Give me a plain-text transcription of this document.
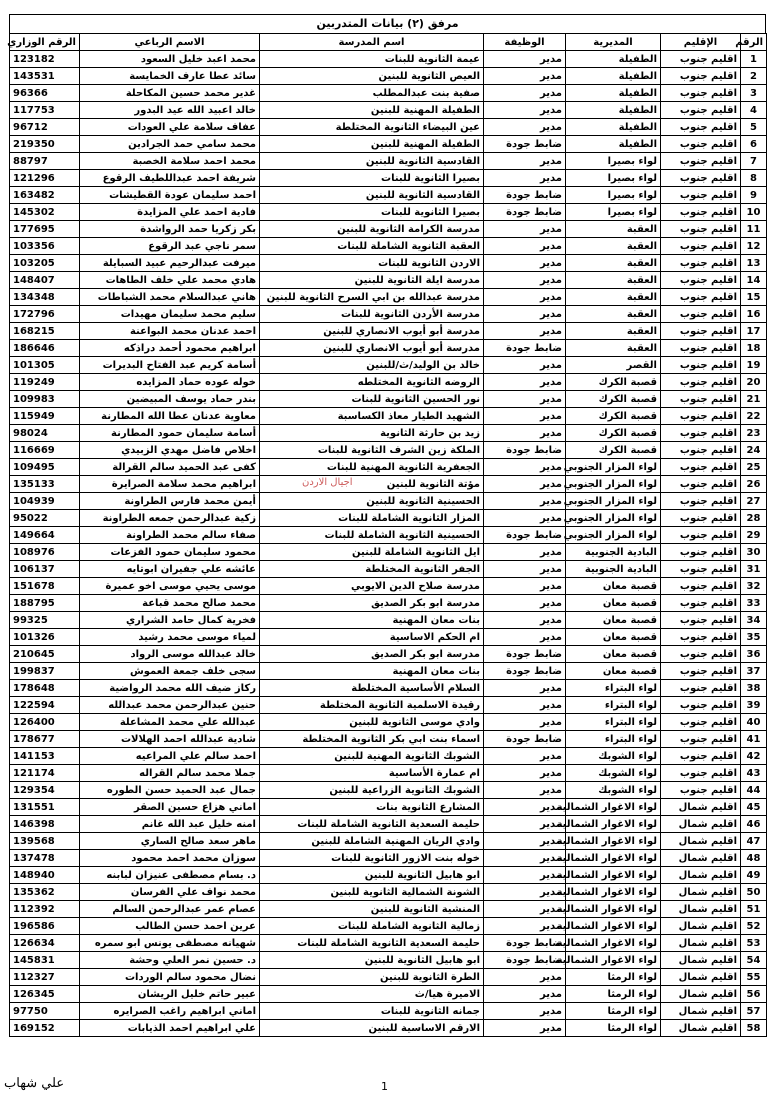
مرفق (٢) بيانات المتدربين
الرقم	الإقليم	المديرية	الوظيفة	اسم المدرسة	الاسم الرباعي	الرقم الوزاري
1	اقليم جنوب	الطفيلة	مدير	عيمة الثانوية للبنات	محمد اعبد خليل السعود	123182
2	اقليم جنوب	الطفيلة	مدير	العيص الثانوية للبنين	سائد عطا عارف الخمايسة	143531
3	اقليم جنوب	الطفيلة	مدير	صفية بنت عبدالمطلب	غدير محمد حسين المكاحلة	96366
4	اقليم جنوب	الطفيلة	مدير	الطفيلة المهنية للبنين	خالد اعبيد الله عيد البدور	117753
5	اقليم جنوب	الطفيلة	مدير	عين البيضاء الثانوية المختلطة	عفاف سلامة علي العودات	96712
6	اقليم جنوب	الطفيلة	ضابط جودة	الطفيلة المهنية للبنين	محمد سامي حمد الجرادين	219350
7	اقليم جنوب	لواء بصيرا	مدير	القادسية الثانوية للبنين	محمد احمد سلامة الخصبة	88797
8	اقليم جنوب	لواء بصيرا	مدير	بصيرا الثانوية للبنات	شريفة احمد عبداللطيف الرقوع	121296
9	اقليم جنوب	لواء بصيرا	ضابط جودة	القادسية الثانوية للبنين	احمد سليمان عودة القطيشات	163482
10	اقليم جنوب	لواء بصيرا	ضابط جودة	بصيرا الثانوية للبنات	فادية احمد علي المزايدة	145302
11	اقليم جنوب	العقبة	مدير	مدرسة الكرامة الثانوية للبنين	بكر زكريا حمد الرواشدة	177695
12	اقليم جنوب	العقبة	مدير	العقبة الثانوية الشاملة للبنات	سمر ناجي عبد الرقوع	103356
13	اقليم جنوب	العقبة	مدير	الاردن الثانوية للبنات	ميرفت عبدالرحيم عبيد السبايلة	103205
14	اقليم جنوب	العقبة	مدير	مدرسة ايلة الثانوية للبنين	هادي محمد علي خلف الطاهات	148407
15	اقليم جنوب	العقبة	مدير	مدرسة عبدالله بن ابي السرح الثانوية للبنين	هاني عبدالسلام محمد الشباطات	134348
16	اقليم جنوب	العقبة	مدير	مدرسة الأردن الثانوية للبنات	سليم محمد سليمان مهيدات	172796
17	اقليم جنوب	العقبة	مدير	مدرسة أبو أيوب الانصاري للبنين	احمد عدنان محمد البواعنة	168215
18	اقليم جنوب	العقبة	ضابط جودة	مدرسة أبو أيوب الانصاري للبنين	ابراهيم محمود أحمد دراذكه	186646
19	اقليم جنوب	القصر	مدير	خالد بن الوليد/ث/للبنين	أسامة كريم عبد الفتاح البديرات	101305
20	اقليم جنوب	قصبة الكرك	مدير	الروضه الثانوية المختلطه	خوله عوده حماد المزايده	119249
21	اقليم جنوب	قصبة الكرك	مدير	نور الحسين الثانوية للبنات	بندر حماد يوسف المبيضين	109983
22	اقليم جنوب	قصبة الكرك	مدير	الشهيد الطيار معاذ الكساسبة	معاوية عدنان عطا الله المطارنة	115949
23	اقليم جنوب	قصبة الكرك	مدير	زيد بن حارثة الثانوية	أسامة سليمان حمود المطارنة	98024
24	اقليم جنوب	قصبة الكرك	ضابط جودة	الملكة زين الشرف الثانوية للبنات	اخلاص فاضل مهدي الزبيدي	116669
25	اقليم جنوب	لواء المزار الجنوبي	مدير	الجعفرية الثانوية المهنية للبنات	كفى عبد الحميد سالم القرالة	109495
26	اقليم جنوب	لواء المزار الجنوبي	مدير	مؤتة الثانوية للبنين	ابراهيم محمد سلامة الصرايرة	135133
27	اقليم جنوب	لواء المزار الجنوبي	مدير	الحسينية الثانوية للبنين	أيمن محمد فارس الطراونة	104939
28	اقليم جنوب	لواء المزار الجنوبي	مدير	المزار الثانوية الشاملة للبنات	زكية عبدالرحمن جمعه الطراونة	95022
29	اقليم جنوب	لواء المزار الجنوبي	ضابط جودة	الحسينية الثانوية الشاملة للبنات	صفاء سالم محمد الطراونة	149664
30	اقليم جنوب	البادية الجنوبية	مدير	ايل الثانوية الشاملة للبنين	محمود سليمان حمود الفزعات	108976
31	اقليم جنوب	البادية الجنوبية	مدير	الجفر الثانوية المختلطة	عائشه علي جفيران ابوتايه	106137
32	اقليم جنوب	قصبة معان	مدير	مدرسة صلاح الدين الايوبي	موسى يحيي موسى اخو عميرة	151678
33	اقليم جنوب	قصبة معان	مدير	مدرسة ابو بكر الصديق	محمد صالح محمد قباعة	188795
34	اقليم جنوب	قصبة معان	مدير	بنات معان المهنية	فخرية كمال حامد الشراري	99325
35	اقليم جنوب	قصبة معان	مدير	ام الحكم الاساسية	لمياء موسى محمد رشيد	101326
36	اقليم جنوب	قصبة معان	ضابط جودة	مدرسة ابو بكر الصديق	خالد عبدالله موسى الرواد	210645
37	اقليم جنوب	قصبة معان	ضابط جودة	بنات معان المهنية	سجى خلف جمعة العموش	199837
38	اقليم جنوب	لواء البتراء	مدير	السلام الأساسية المختلطة	ركاز ضيف الله محمد الرواضية	178648
39	اقليم جنوب	لواء البتراء	مدير	رقيدة الاسلمية الثانوية المختلطة	حنين عبدالرحمن محمد عبدالله	122594
40	اقليم جنوب	لواء البتراء	مدير	وادي موسى الثانوية للبنين	عبدالله علي محمد المشاعلة	126400
41	اقليم جنوب	لواء البتراء	ضابط جودة	اسماء بنت ابي بكر الثانوية المختلطة	شادية عبدالله احمد الهلالات	178677
42	اقليم جنوب	لواء الشوبك	مدير	الشوبك الثانوية المهنية للبنين	احمد سالم علي المراعيه	141153
43	اقليم جنوب	لواء الشوبك	مدير	ام عمارة الأساسية	جملا محمد سالم القراله	121174
44	اقليم جنوب	لواء الشوبك	مدير	الشوبك الثانوية الزراعية للبنين	جمال عبد الحميد حسن الطوره	129354
45	اقليم شمال	لواء الاغوار الشمالية	مدير	المشارع الثانوية بنات	اماني هزاع حسين الصقر	131551
46	اقليم شمال	لواء الاغوار الشمالية	مدير	حليمة السعدية الثانوية الشاملة للبنات	امنه خليل عبد الله غانم	146398
47	اقليم شمال	لواء الاغوار الشمالية	مدير	وادي الريان المهنية الشاملة للبنين	ماهر سعد صالح الساري	139568
48	اقليم شمال	لواء الاغوار الشمالية	مدير	خوله بنت الازور الثانوية للبنات	سوزان محمد احمد محمود	137478
49	اقليم شمال	لواء الاغوار الشمالية	مدير	ابو هابيل الثانوية للبنين	د. بسام مصطفى عنيزان لبابنه	148940
50	اقليم شمال	لواء الاغوار الشمالية	مدير	الشونة الشمالية الثانوية للبنين	محمد نواف علي الفرسان	135362
51	اقليم شمال	لواء الاغوار الشمالية	مدير	المنشية الثانوية للبنين	عصام عمر عبدالرحمن السالم	112392
52	اقليم شمال	لواء الاغوار الشمالية	مدير	زمالية الثانوية الشاملة للبنات	عرين احمد حسن الطالب	196586
53	اقليم شمال	لواء الاغوار الشمالية	ضابط جودة	حليمة السعدية الثانوية الشاملة للبنات	شهيانه مصطفى يونس ابو سمره	126634
54	اقليم شمال	لواء الاغوار الشمالية	ضابط جودة	ابو هابيل الثانوية للبنين	د. حسين نمر العلي وحشة	145831
55	اقليم شمال	لواء الرمثا	مدير	الطرة الثانوية للبنين	نضال محمود سالم الوردات	112327
56	اقليم شمال	لواء الرمثا	مدير	الاميرة هيا/ث	عبير حاتم خليل الريشان	126345
57	اقليم شمال	لواء الرمثا	مدير	جمانه الثانوية للبنات	اماني ابراهيم راغب الصرايره	97750
58	اقليم شمال	لواء الرمثا	مدير	الارقم الاساسية للبنين	علي ابراهيم احمد الذيابات	169152
اجيال الاردن
1
علي شهاب
